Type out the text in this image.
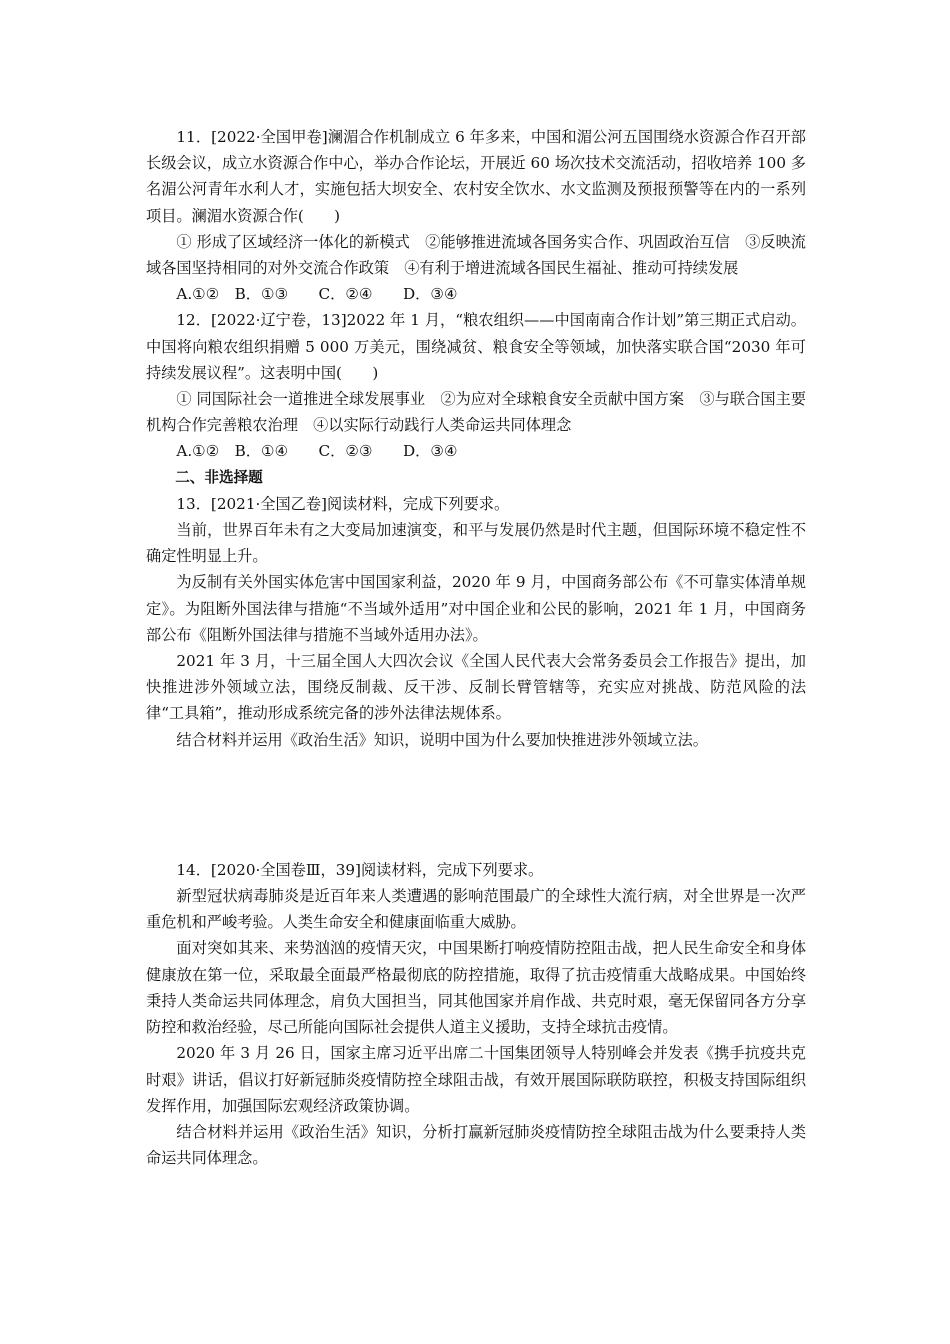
11．[2022·全国甲卷]澜湄合作机制成立 6 年多来，中国和湄公河五国围绕水资源合作召开部长级会议，成立水资源合作中心，举办合作论坛，开展近 60 场次技术交流活动，招收培养 100 多名湄公河青年水利人才，实施包括大坝安全、农村安全饮水、水文监测及预报预警等在内的一系列项目。澜湄水资源合作(　　)

① 形成了区域经济一体化的新模式　②能够推进流域各国务实合作、巩固政治互信　③反映流域各国坚持相同的对外交流合作政策　④有利于增进流域各国民生福祉、推动可持续发展

A.①②　B．①③　　C．②④　　D．③④

12．[2022·辽宁卷，13]2022 年 1 月，“粮农组织——中国南南合作计划”第三期正式启动。中国将向粮农组织捐赠 5 000 万美元，围绕减贫、粮食安全等领域，加快落实联合国“2030 年可持续发展议程”。这表明中国(　　)

① 同国际社会一道推进全球发展事业　②为应对全球粮食安全贡献中国方案　③与联合国主要机构合作完善粮农治理　④以实际行动践行人类命运共同体理念

A.①②　B．①④　　C．②③　　D．③④

二、非选择题

13．[2021·全国乙卷]阅读材料，完成下列要求。

当前，世界百年未有之大变局加速演变，和平与发展仍然是时代主题，但国际环境不稳定性不确定性明显上升。

为反制有关外国实体危害中国国家利益，2020 年 9 月，中国商务部公布《不可靠实体清单规定》。为阻断外国法律与措施“不当域外适用”对中国企业和公民的影响，2021 年 1 月，中国商务部公布《阻断外国法律与措施不当域外适用办法》。

2021 年 3 月，十三届全国人大四次会议《全国人民代表大会常务委员会工作报告》提出，加快推进涉外领域立法，围绕反制裁、反干涉、反制长臂管辖等，充实应对挑战、防范风险的法律“工具箱”，推动形成系统完备的涉外法律法规体系。

结合材料并运用《政治生活》知识，说明中国为什么要加快推进涉外领域立法。

14．[2020·全国卷Ⅲ，39]阅读材料，完成下列要求。

新型冠状病毒肺炎是近百年来人类遭遇的影响范围最广的全球性大流行病，对全世界是一次严重危机和严峻考验。人类生命安全和健康面临重大威胁。

面对突如其来、来势汹汹的疫情天灾，中国果断打响疫情防控阻击战，把人民生命安全和身体健康放在第一位，采取最全面最严格最彻底的防控措施，取得了抗击疫情重大战略成果。中国始终秉持人类命运共同体理念，肩负大国担当，同其他国家并肩作战、共克时艰，毫无保留同各方分享防控和救治经验，尽己所能向国际社会提供人道主义援助，支持全球抗击疫情。

2020 年 3 月 26 日，国家主席习近平出席二十国集团领导人特别峰会并发表《携手抗疫共克时艰》讲话，倡议打好新冠肺炎疫情防控全球阻击战，有效开展国际联防联控，积极支持国际组织发挥作用，加强国际宏观经济政策协调。

结合材料并运用《政治生活》知识，分析打赢新冠肺炎疫情防控全球阻击战为什么要秉持人类命运共同体理念。
